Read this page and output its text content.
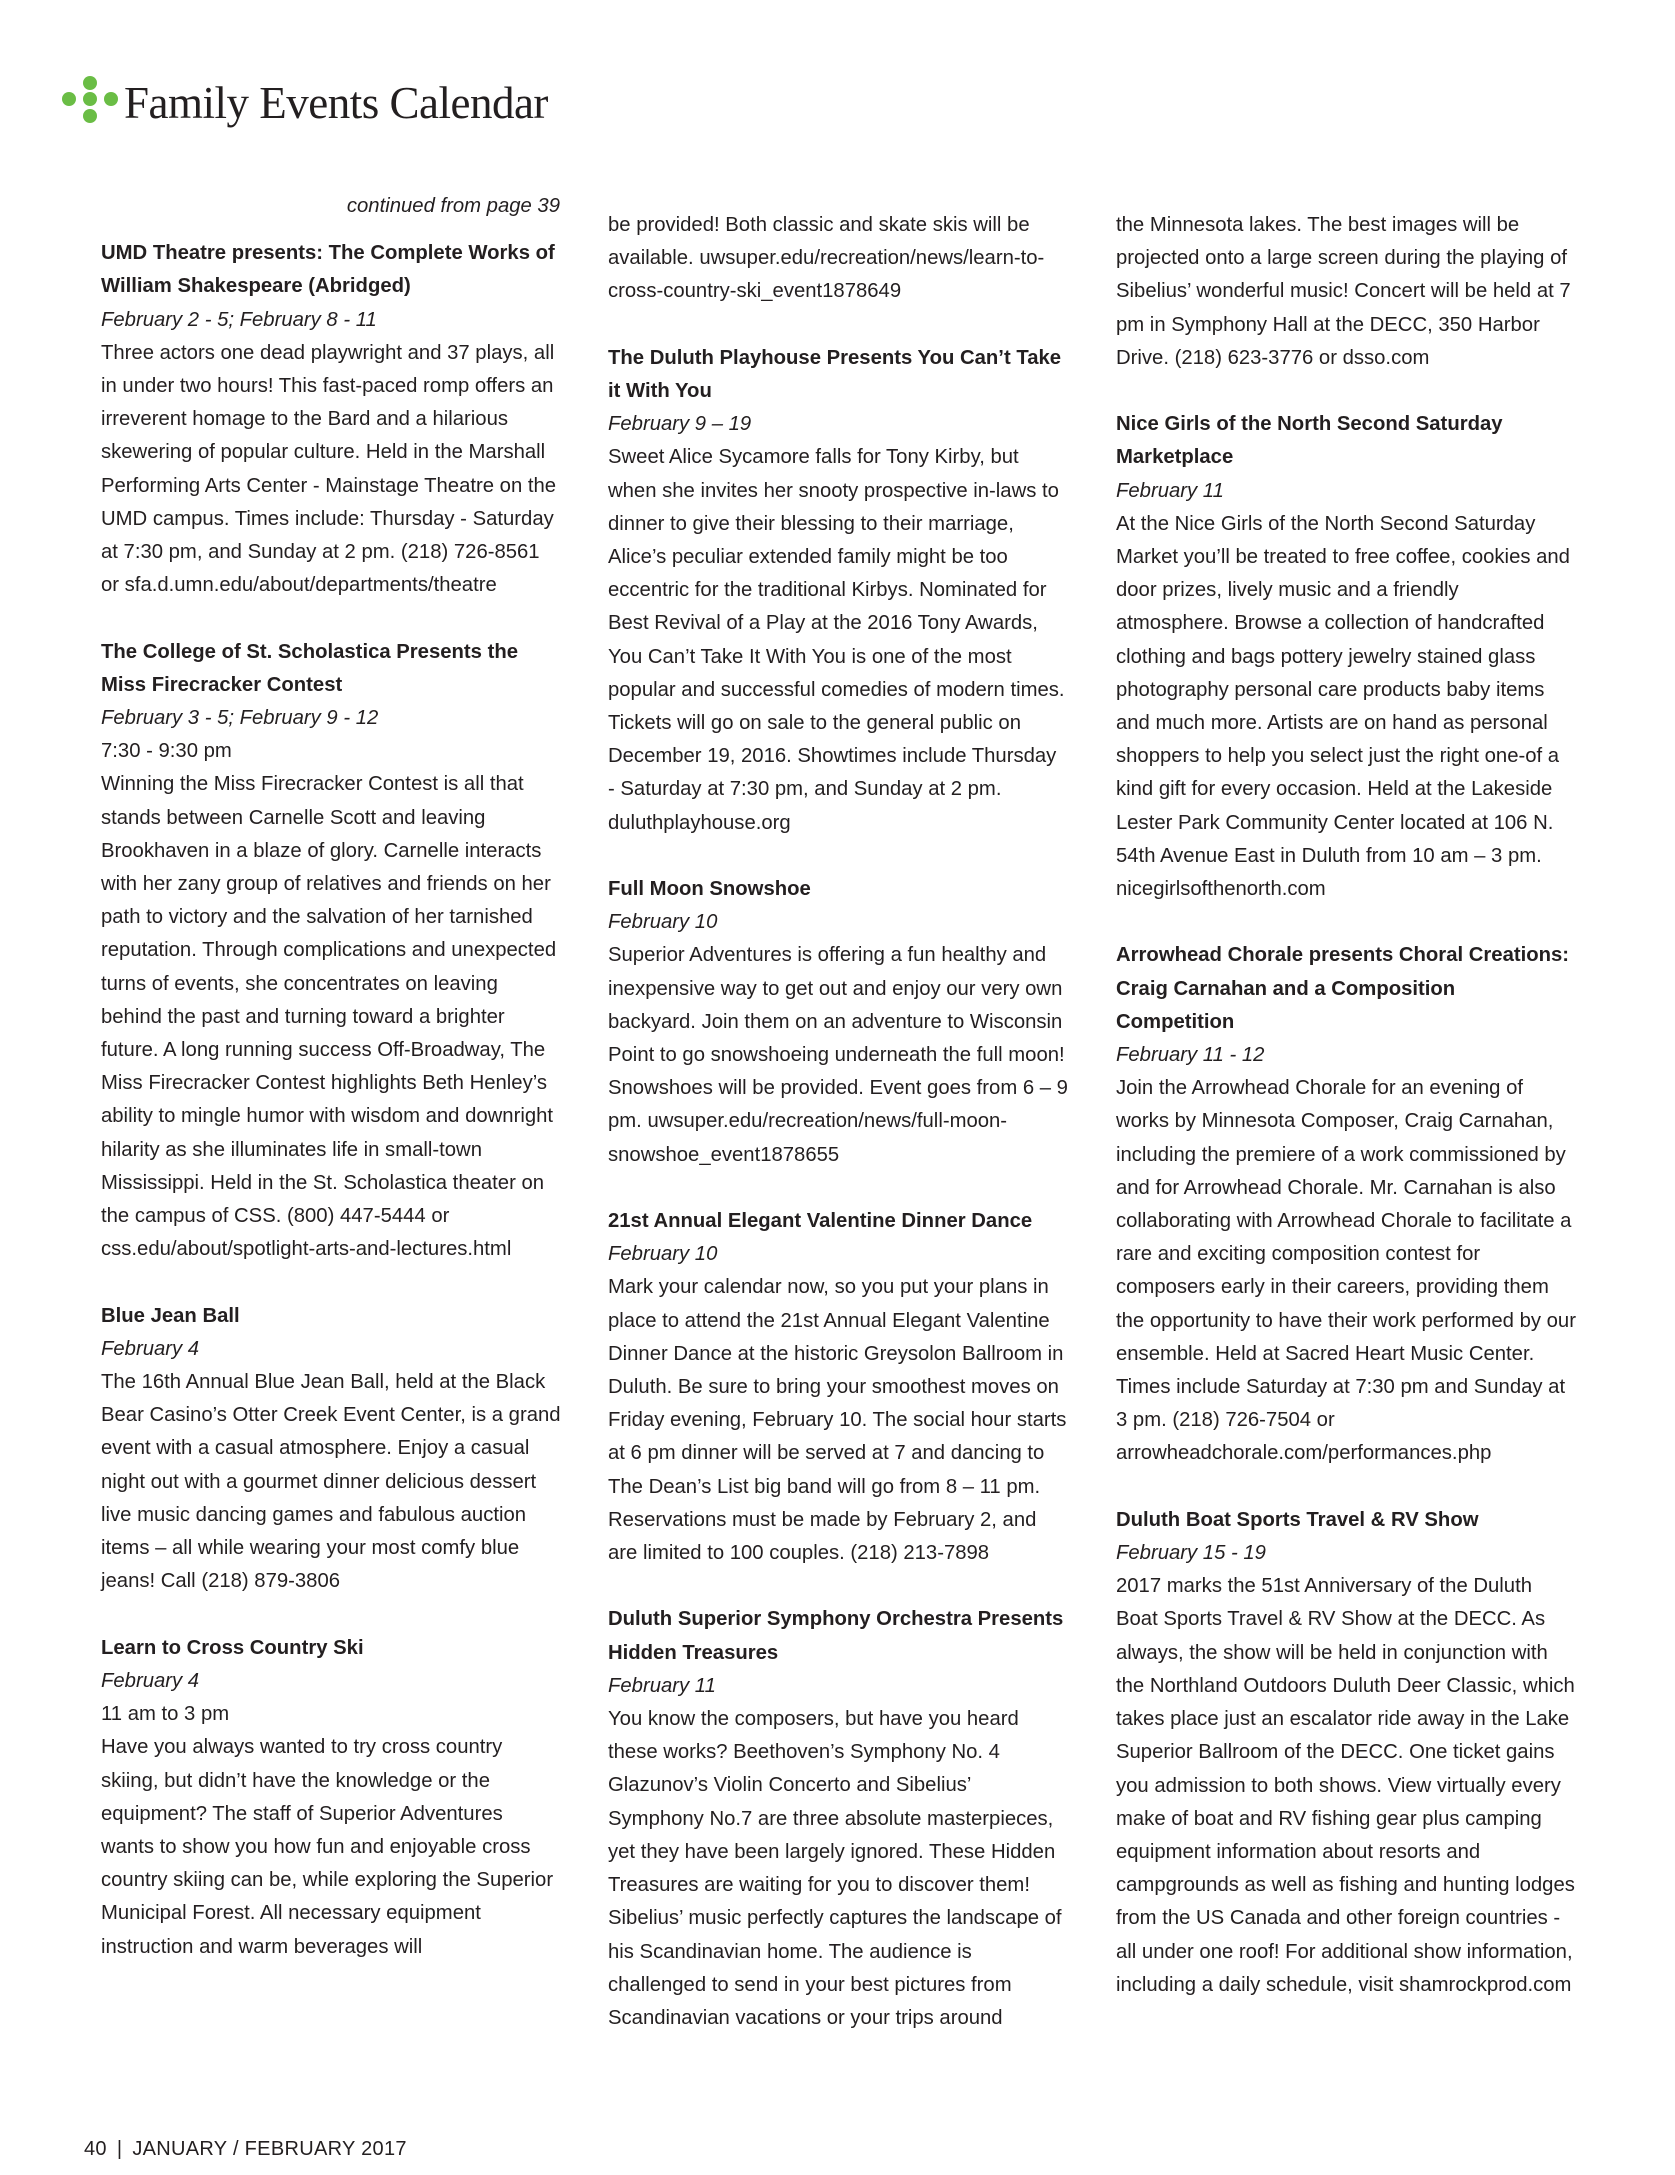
Family Events Calendar

continued from page 39

UMD Theatre presents: The Complete Works of William Shakespeare (Abridged)

February 2 - 5; February 8 - 11

Three actors one dead playwright and 37 plays, all in under two hours! This fast-paced romp offers an irreverent homage to the Bard and a hilarious skewering of popular culture. Held in the Marshall Performing Arts Center - Mainstage Theatre on the UMD campus. Times include: Thursday - Saturday at 7:30 pm, and Sunday at 2 pm. (218) 726-8561 or sfa.d.umn.edu/about/departments/theatre

The College of St. Scholastica Presents the Miss Firecracker Contest

February 3 - 5; February 9 - 12

7:30 - 9:30 pm

Winning the Miss Firecracker Contest is all that stands between Carnelle Scott and leaving Brookhaven in a blaze of glory. Carnelle interacts with her zany group of relatives and friends on her path to victory and the salvation of her tarnished reputation. Through complications and unexpected turns of events, she concentrates on leaving behind the past and turning toward a brighter future. A long running success Off-Broadway, The Miss Firecracker Contest highlights Beth Henley’s ability to mingle humor with wisdom and downright hilarity as she illuminates life in small-town Mississippi. Held in the St. Scholastica theater on the campus of CSS. (800) 447-5444 or css.edu/about/spotlight-arts-and-lectures.html

Blue Jean Ball

February 4

The 16th Annual Blue Jean Ball, held at the Black Bear Casino’s Otter Creek Event Center, is a grand event with a casual atmosphere. Enjoy a casual night out with a gourmet dinner delicious dessert live music dancing games and fabulous auction items – all while wearing your most comfy blue jeans! Call (218) 879-3806

Learn to Cross Country Ski

February 4

11 am to 3 pm

Have you always wanted to try cross country skiing, but didn’t have the knowledge or the equipment? The staff of Superior Adventures wants to show you how fun and enjoyable cross country skiing can be, while exploring the Superior Municipal Forest. All necessary equipment instruction and warm beverages will

be provided! Both classic and skate skis will be available. uwsuper.edu/recreation/news/learn-to-cross-country-ski_event1878649

The Duluth Playhouse Presents You Can’t Take it With You

February 9 – 19

Sweet Alice Sycamore falls for Tony Kirby, but when she invites her snooty prospective in-laws to dinner to give their blessing to their marriage, Alice’s peculiar extended family might be too eccentric for the traditional Kirbys. Nominated for Best Revival of a Play at the 2016 Tony Awards, You Can’t Take It With You is one of the most popular and successful comedies of modern times. Tickets will go on sale to the general public on December 19, 2016. Showtimes include Thursday - Saturday at 7:30 pm, and Sunday at 2 pm. duluthplayhouse.org

Full Moon Snowshoe

February 10

Superior Adventures is offering a fun healthy and inexpensive way to get out and enjoy our very own backyard. Join them on an adventure to Wisconsin Point to go snowshoeing underneath the full moon! Snowshoes will be provided. Event goes from 6 – 9 pm. uwsuper.edu/recreation/news/full-moon-snowshoe_event1878655

21st Annual Elegant Valentine Dinner Dance

February 10

Mark your calendar now, so you put your plans in place to attend the 21st Annual Elegant Valentine Dinner Dance at the historic Greysolon Ballroom in Duluth. Be sure to bring your smoothest moves on Friday evening, February 10. The social hour starts at 6 pm dinner will be served at 7 and dancing to The Dean’s List big band will go from 8 – 11 pm. Reservations must be made by February 2, and are limited to 100 couples. (218) 213-7898

Duluth Superior Symphony Orchestra Presents Hidden Treasures

February 11

You know the composers, but have you heard these works? Beethoven’s Symphony No. 4 Glazunov’s Violin Concerto and Sibelius’ Symphony No.7 are three absolute masterpieces, yet they have been largely ignored. These Hidden Treasures are waiting for you to discover them! Sibelius’ music perfectly captures the landscape of his Scandinavian home. The audience is challenged to send in your best pictures from Scandinavian vacations or your trips around

the Minnesota lakes. The best images will be projected onto a large screen during the playing of Sibelius’ wonderful music! Concert will be held at 7 pm in Symphony Hall at the DECC, 350 Harbor Drive. (218) 623-3776 or dsso.com

Nice Girls of the North Second Saturday Marketplace

February 11

At the Nice Girls of the North Second Saturday Market you’ll be treated to free coffee, cookies and door prizes, lively music and a friendly atmosphere. Browse a collection of handcrafted clothing and bags pottery jewelry stained glass photography personal care products baby items and much more. Artists are on hand as personal shoppers to help you select just the right one-of a kind gift for every occasion. Held at the Lakeside Lester Park Community Center located at 106 N. 54th Avenue East in Duluth from 10 am – 3 pm. nicegirlsofthenorth.com

Arrowhead Chorale presents Choral Creations: Craig Carnahan and a Composition Competition

February 11 - 12

Join the Arrowhead Chorale for an evening of works by Minnesota Composer, Craig Carnahan, including the premiere of a work commissioned by and for Arrowhead Chorale. Mr. Carnahan is also collaborating with Arrowhead Chorale to facilitate a rare and exciting composition contest for composers early in their careers, providing them the opportunity to have their work performed by our ensemble. Held at Sacred Heart Music Center. Times include Saturday at 7:30 pm and Sunday at 3 pm. (218) 726-7504 or arrowheadchorale.com/performances.php

Duluth Boat Sports Travel & RV Show

February 15 - 19

2017 marks the 51st Anniversary of the Duluth Boat Sports Travel & RV Show at the DECC. As always, the show will be held in conjunction with the Northland Outdoors Duluth Deer Classic, which takes place just an escalator ride away in the Lake Superior Ballroom of the DECC. One ticket gains you admission to both shows. View virtually every make of boat and RV fishing gear plus camping equipment information about resorts and campgrounds as well as fishing and hunting lodges from the US Canada and other foreign countries - all under one roof! For additional show information, including a daily schedule, visit shamrockprod.com

40 | JANUARY / FEBRUARY 2017
